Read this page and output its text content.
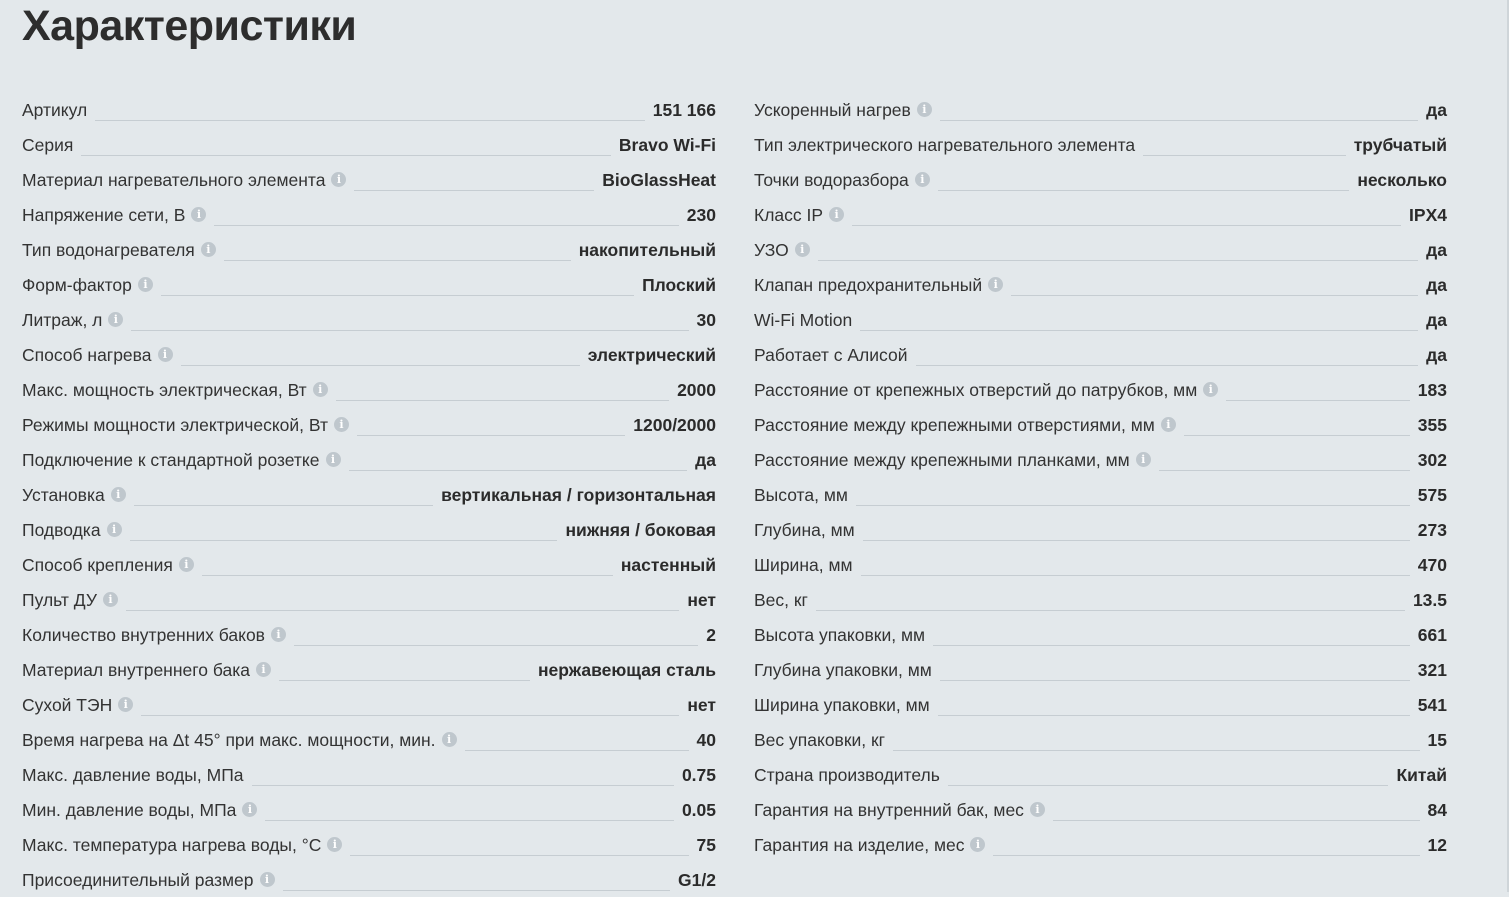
Характеристики
Артикул	151 166
Серия	Bravo Wi-Fi
Материал нагревательного элемента	i	BioGlassHeat
Напряжение сети, В	i	230
Тип водонагревателя	i	накопительный
Форм-фактор	i	Плоский
Литраж, л	i	30
Способ нагрева	i	электрический
Макс. мощность электрическая, Вт	i	2000
Режимы мощности электрической, Вт	i	1200/2000
Подключение к стандартной розетке	i	да
Установка	i	вертикальная / горизонтальная
Подводка	i	нижняя / боковая
Способ крепления	i	настенный
Пульт ДУ	i	нет
Количество внутренних баков	i	2
Материал внутреннего бака	i	нержавеющая сталь
Сухой ТЭН	i	нет
Время нагрева на Δt 45° при макс. мощности, мин.	i	40
Макс. давление воды, МПа	0.75
Мин. давление воды, МПа	i	0.05
Макс. температура нагрева воды, °С	i	75
Присоединительный размер	i	G1/2
Ускоренный нагрев	i	да
Тип электрического нагревательного элемента	трубчатый
Точки водоразбора	i	несколько
Класс IP	i	IPX4
УЗО	i	да
Клапан предохранительный	i	да
Wi-Fi Motion	да
Работает с Алисой	да
Расстояние от крепежных отверстий до патрубков, мм	i	183
Расстояние между крепежными отверстиями, мм	i	355
Расстояние между крепежными планками, мм	i	302
Высота, мм	575
Глубина, мм	273
Ширина, мм	470
Вес, кг	13.5
Высота упаковки, мм	661
Глубина упаковки, мм	321
Ширина упаковки, мм	541
Вес упаковки, кг	15
Страна производитель	Китай
Гарантия на внутренний бак, мес	i	84
Гарантия на изделие, мес	i	12
